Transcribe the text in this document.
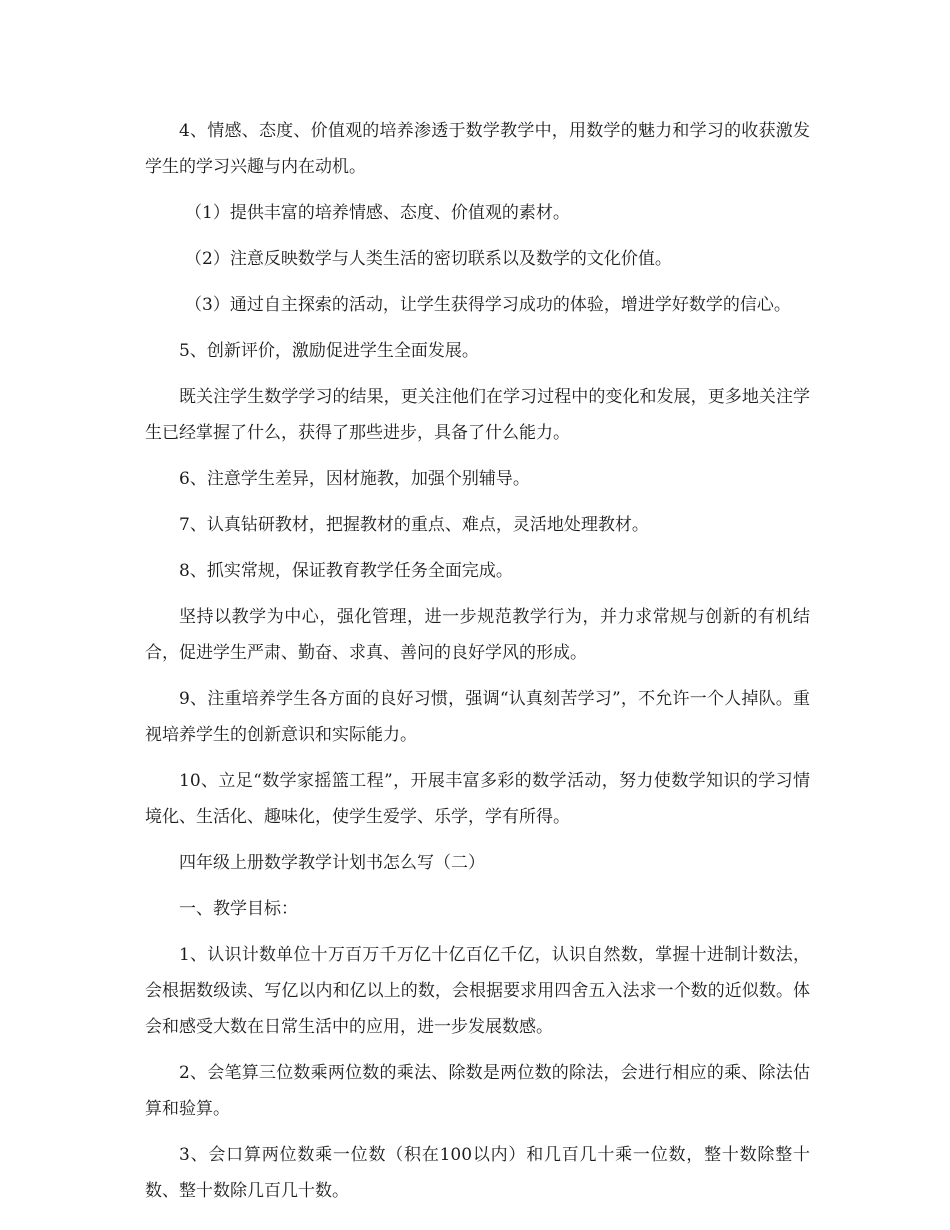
4、情感、态度、价值观的培养渗透于数学教学中，用数学的魅力和学习的收获激发学生的学习兴趣与内在动机。

（1）提供丰富的培养情感、态度、价值观的素材。

（2）注意反映数学与人类生活的密切联系以及数学的文化价值。

（3）通过自主探索的活动，让学生获得学习成功的体验，增进学好数学的信心。

5、创新评价，激励促进学生全面发展。

既关注学生数学学习的结果，更关注他们在学习过程中的变化和发展，更多地关注学生已经掌握了什么，获得了那些进步，具备了什么能力。

6、注意学生差异，因材施教，加强个别辅导。

7、认真钻研教材，把握教材的重点、难点，灵活地处理教材。

8、抓实常规，保证教育教学任务全面完成。

坚持以教学为中心，强化管理，进一步规范教学行为，并力求常规与创新的有机结合，促进学生严肃、勤奋、求真、善问的良好学风的形成。

9、注重培养学生各方面的良好习惯，强调“认真刻苦学习”，不允许一个人掉队。重视培养学生的创新意识和实际能力。

10、立足“数学家摇篮工程”，开展丰富多彩的数学活动，努力使数学知识的学习情境化、生活化、趣味化，使学生爱学、乐学，学有所得。

四年级上册数学教学计划书怎么写（二）

一、教学目标：

1、认识计数单位十万百万千万亿十亿百亿千亿，认识自然数，掌握十进制计数法，会根据数级读、写亿以内和亿以上的数，会根据要求用四舍五入法求一个数的近似数。体会和感受大数在日常生活中的应用，进一步发展数感。

2、会笔算三位数乘两位数的乘法、除数是两位数的除法，会进行相应的乘、除法估算和验算。

3、会口算两位数乘一位数（积在100以内）和几百几十乘一位数，整十数除整十数、整十数除几百几十数。
